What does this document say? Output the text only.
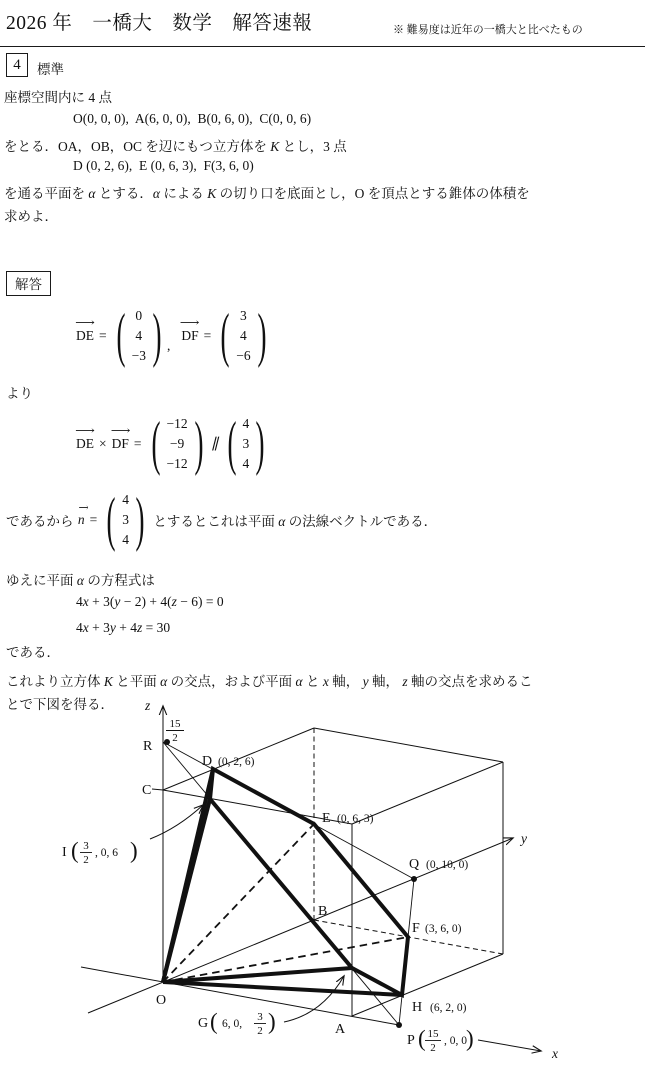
2026 年　一橋大　数学　解答速報	※ 難易度は近年の一橋大と比べたもの
4	標準
座標空間内に 4 点
O(0, 0, 0),  A(6, 0, 0),  B(0, 6, 0),  C(0, 0, 6)
をとる．OA，OB，OC を辺にもつ立方体を K とし，3 点
D (0, 2, 6),  E (0, 6, 3),  F(3, 6, 0)
を通る平面を α とする．α による K の切り口を底面とし，O を頂点とする錐体の体積を
求めよ．
解答
⟶
DE = ( 0
4
−3 ) ,
⟶
DF = ( 3
4
−6 )
より
⟶
DE ×
⟶
DF = ( −12
−9
−12 ) ∥ ( 4
3
4 )
であるから
⟶
n = ( 4
3
4 ) とするとこれは平面 α の法線ベクトルである．
ゆえに平面 α の方程式は
4x + 3(y − 2) + 4(z − 6) = 0
4x + 3y + 4z = 30
である．
これより立方体 K と平面 α の交点，および平面 α と x 軸， y 軸， z 軸の交点を求めるこ
とで下図を得る． z
y
x
O
A
B
C
R
15
2
D (0, 2, 6)
E (0, 6, 3)
Q (0, 10, 0)
F (3, 6, 0)
H (6, 2, 0)
G ( 6, 0,
3
2 )
I ( 3
2
, 0, 6 )
P ( 15
2
, 0, 0 )
